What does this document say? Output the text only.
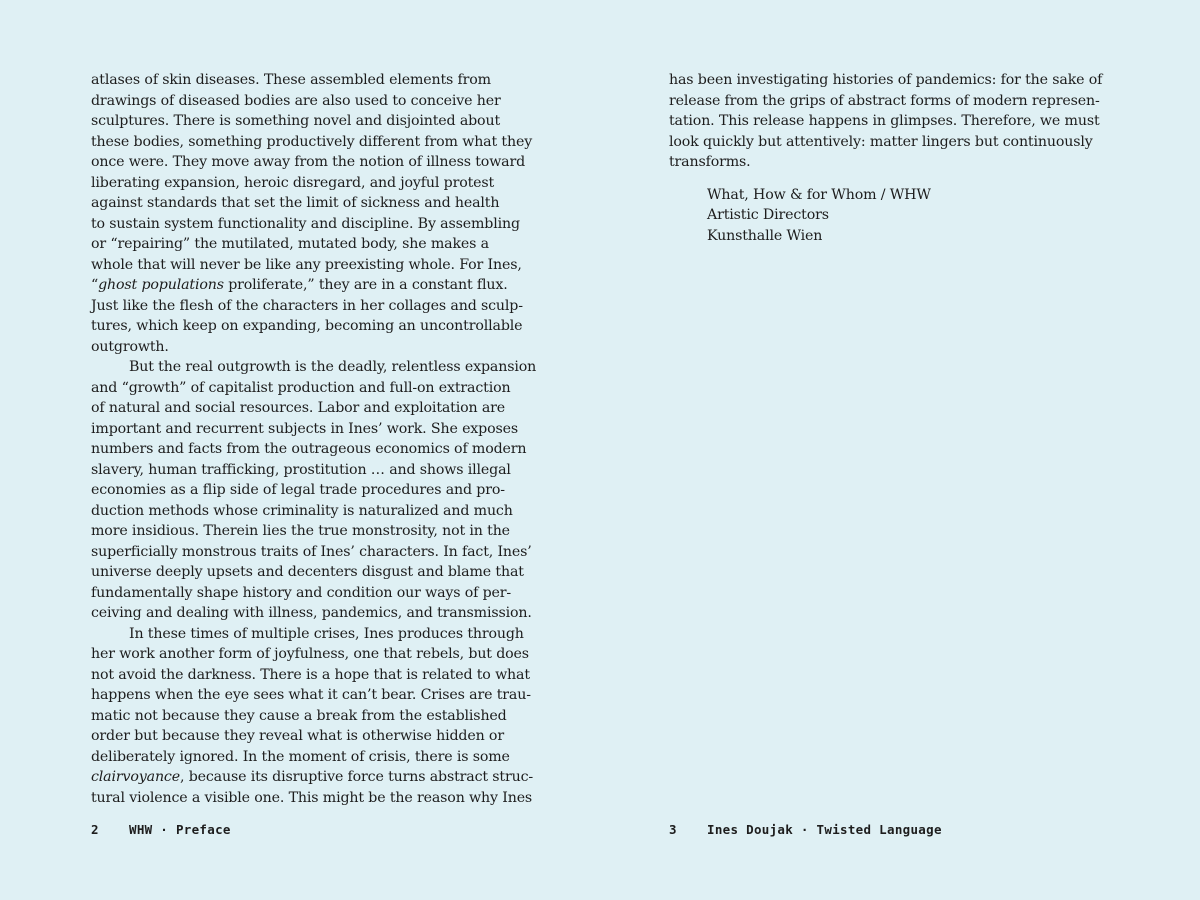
atlases of skin diseases. These assembled elements from
drawings of diseased bodies are also used to conceive her
sculptures. There is something novel and disjointed about
these bodies, something productively different from what they
once were. They move away from the notion of illness toward
liberating expansion, heroic disregard, and joyful protest
against standards that set the limit of sickness and health
to sustain system functionality and discipline. By assembling
or “repairing” the mutilated, mutated body, she makes a
whole that will never be like any preexisting whole. For Ines,
“ghost populations proliferate,” they are in a constant flux.
Just like the flesh of the characters in her collages and sculp-
tures, which keep on expanding, becoming an uncontrollable
outgrowth.
But the real outgrowth is the deadly, relentless expansion
and “growth” of capitalist production and full-on extraction
of natural and social resources. Labor and exploitation are
important and recurrent subjects in Ines’ work. She exposes
numbers and facts from the outrageous economics of modern
slavery, human trafficking, prostitution … and shows illegal
economies as a flip side of legal trade procedures and pro-
duction methods whose criminality is naturalized and much
more insidious. Therein lies the true monstrosity, not in the
superficially monstrous traits of Ines’ characters. In fact, Ines’
universe deeply upsets and decenters disgust and blame that
fundamentally shape history and condition our ways of per-
ceiving and dealing with illness, pandemics, and transmission.
In these times of multiple crises, Ines produces through
her work another form of joyfulness, one that rebels, but does
not avoid the darkness. There is a hope that is related to what
happens when the eye sees what it can’t bear. Crises are trau-
matic not because they cause a break from the established
order but because they reveal what is otherwise hidden or
deliberately ignored. In the moment of crisis, there is some
clairvoyance, because its disruptive force turns abstract struc-
tural violence a visible one. This might be the reason why Ines
has been investigating histories of pandemics: for the sake of
release from the grips of abstract forms of modern represen-
tation. This release happens in glimpses. Therefore, we must
look quickly but attentively: matter lingers but continuously
transforms.
What, How & for Whom / WHW
Artistic Directors
Kunsthalle Wien
2 WHW · Preface	3 Ines Doujak · Twisted Language
